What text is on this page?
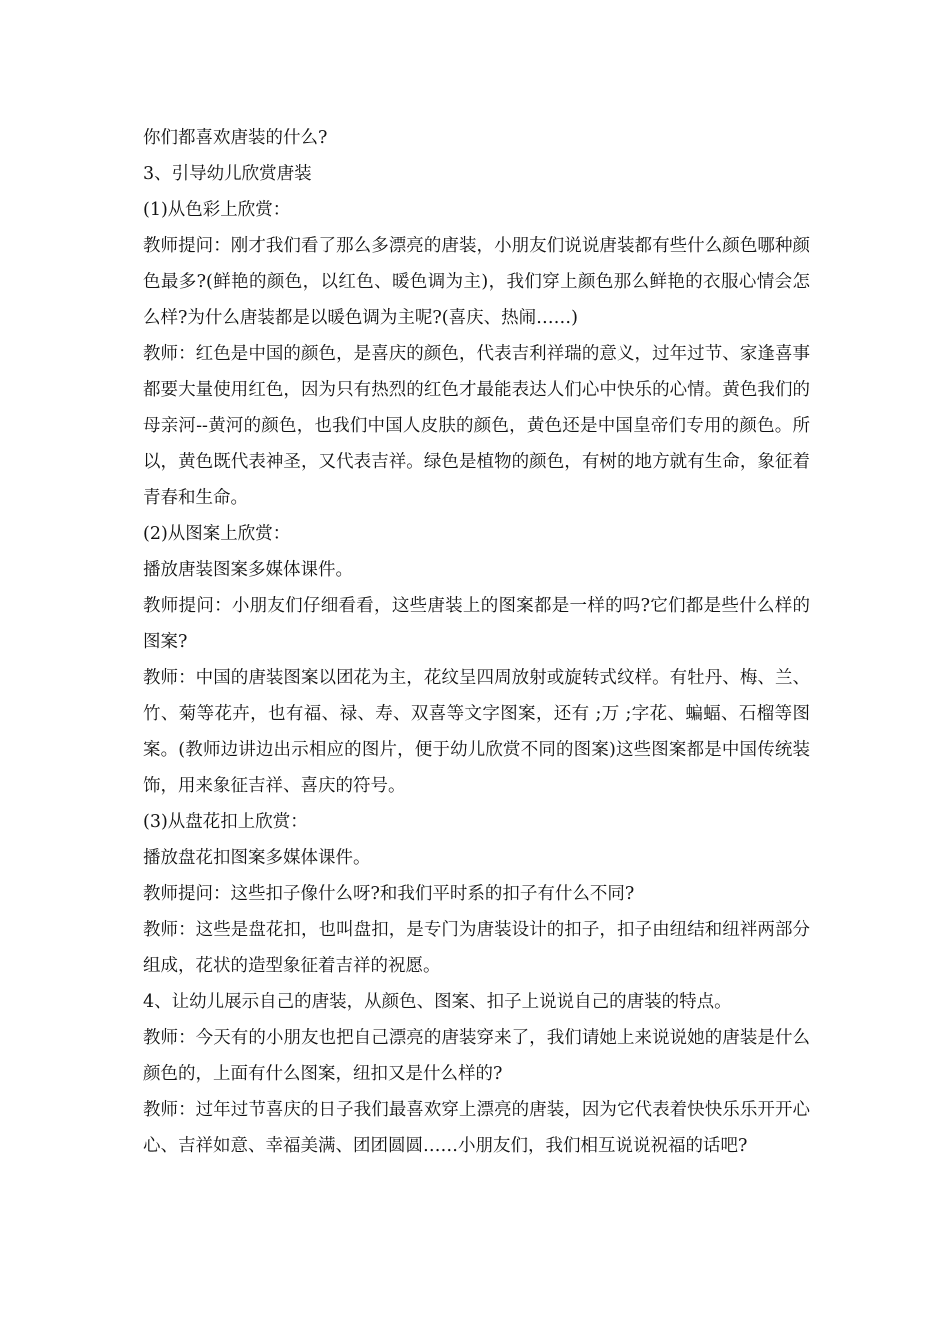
你们都喜欢唐装的什么?

3、引导幼儿欣赏唐装

(1)从色彩上欣赏：

教师提问：刚才我们看了那么多漂亮的唐装，小朋友们说说唐装都有些什么颜色哪种颜色最多?(鲜艳的颜色，以红色、暖色调为主)，我们穿上颜色那么鲜艳的衣服心情会怎么样?为什么唐装都是以暖色调为主呢?(喜庆、热闹……)

教师：红色是中国的颜色，是喜庆的颜色，代表吉利祥瑞的意义，过年过节、家逢喜事都要大量使用红色，因为只有热烈的红色才最能表达人们心中快乐的心情。黄色我们的母亲河--黄河的颜色，也我们中国人皮肤的颜色，黄色还是中国皇帝们专用的颜色。所以，黄色既代表神圣，又代表吉祥。绿色是植物的颜色，有树的地方就有生命，象征着青春和生命。

(2)从图案上欣赏：

播放唐装图案多媒体课件。

教师提问：小朋友们仔细看看，这些唐装上的图案都是一样的吗?它们都是些什么样的图案?

教师：中国的唐装图案以团花为主，花纹呈四周放射或旋转式纹样。有牡丹、梅、兰、竹、菊等花卉，也有福、禄、寿、双喜等文字图案，还有 ;万 ;字花、蝙蝠、石榴等图案。(教师边讲边出示相应的图片，便于幼儿欣赏不同的图案)这些图案都是中国传统装饰，用来象征吉祥、喜庆的符号。

(3)从盘花扣上欣赏：

播放盘花扣图案多媒体课件。

教师提问：这些扣子像什么呀?和我们平时系的扣子有什么不同?

教师：这些是盘花扣，也叫盘扣，是专门为唐装设计的扣子，扣子由纽结和纽袢两部分组成，花状的造型象征着吉祥的祝愿。

4、让幼儿展示自己的唐装，从颜色、图案、扣子上说说自己的唐装的特点。

教师：今天有的小朋友也把自己漂亮的唐装穿来了，我们请她上来说说她的唐装是什么颜色的，上面有什么图案，纽扣又是什么样的?

教师：过年过节喜庆的日子我们最喜欢穿上漂亮的唐装，因为它代表着快快乐乐开开心心、吉祥如意、幸福美满、团团圆圆……小朋友们，我们相互说说祝福的话吧?
